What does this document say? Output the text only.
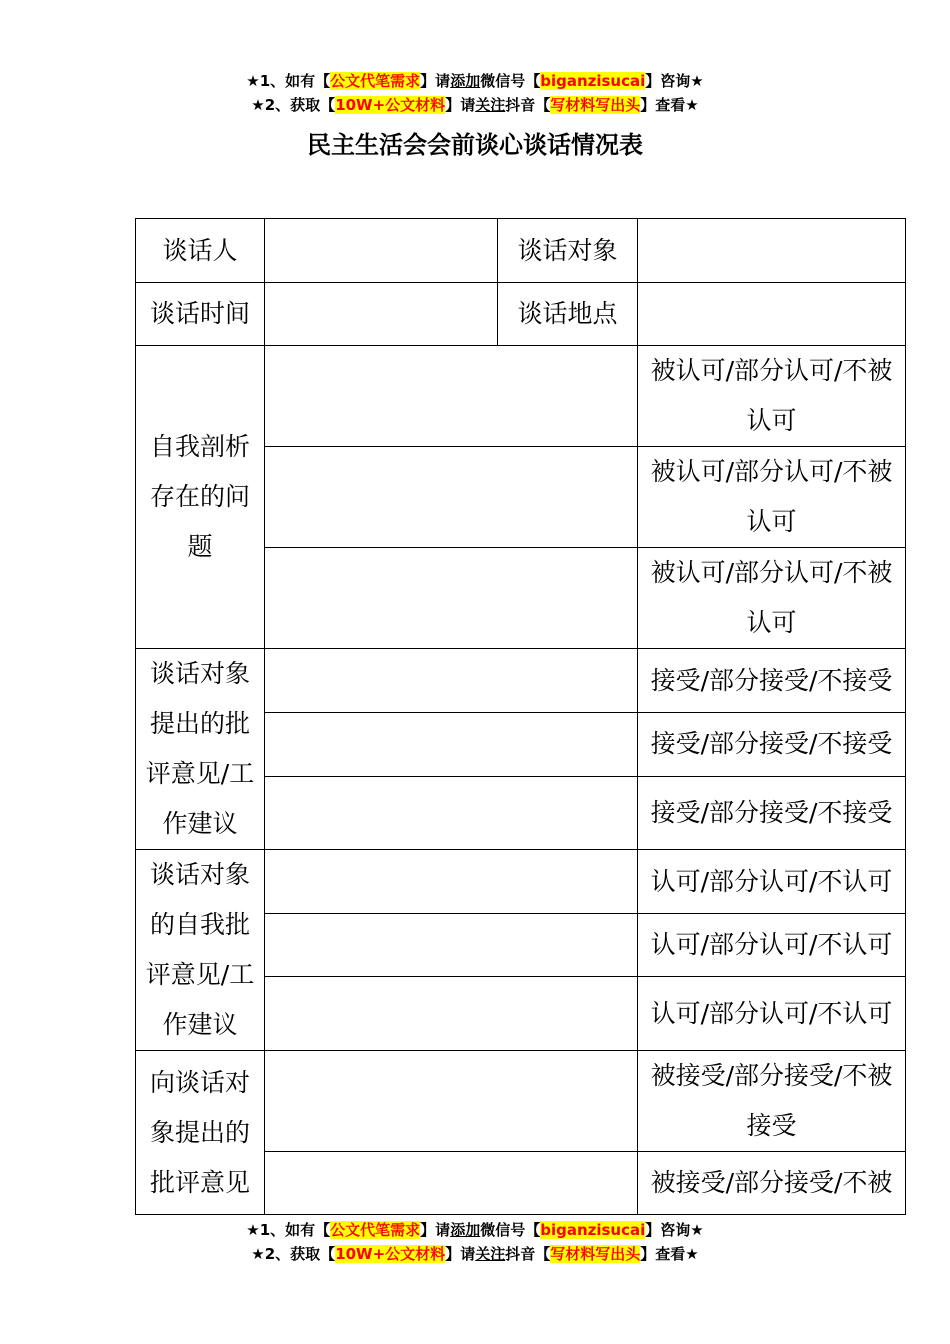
★1、如有【公文代笔需求】请添加微信号【biganzisucai】咨询★
★2、获取【10W+公文材料】请关注抖音【写材料写出头】查看★
民主生活会会前谈心谈话情况表
谈话人		谈话对象	
谈话时间		谈话地点	
自我剖析存在的问题			被认可/部分认可/不被认可
			被认可/部分认可/不被认可
			被认可/部分认可/不被认可
谈话对象提出的批评意见/工作建议			接受/部分接受/不接受
			接受/部分接受/不接受
			接受/部分接受/不接受
谈话对象的自我批评意见/工作建议			认可/部分认可/不认可
			认可/部分认可/不认可
			认可/部分认可/不认可
向谈话对象提出的批评意见			被接受/部分接受/不被接受
			被接受/部分接受/不被
★1、如有【公文代笔需求】请添加微信号【biganzisucai】咨询★
★2、获取【10W+公文材料】请关注抖音【写材料写出头】查看★
